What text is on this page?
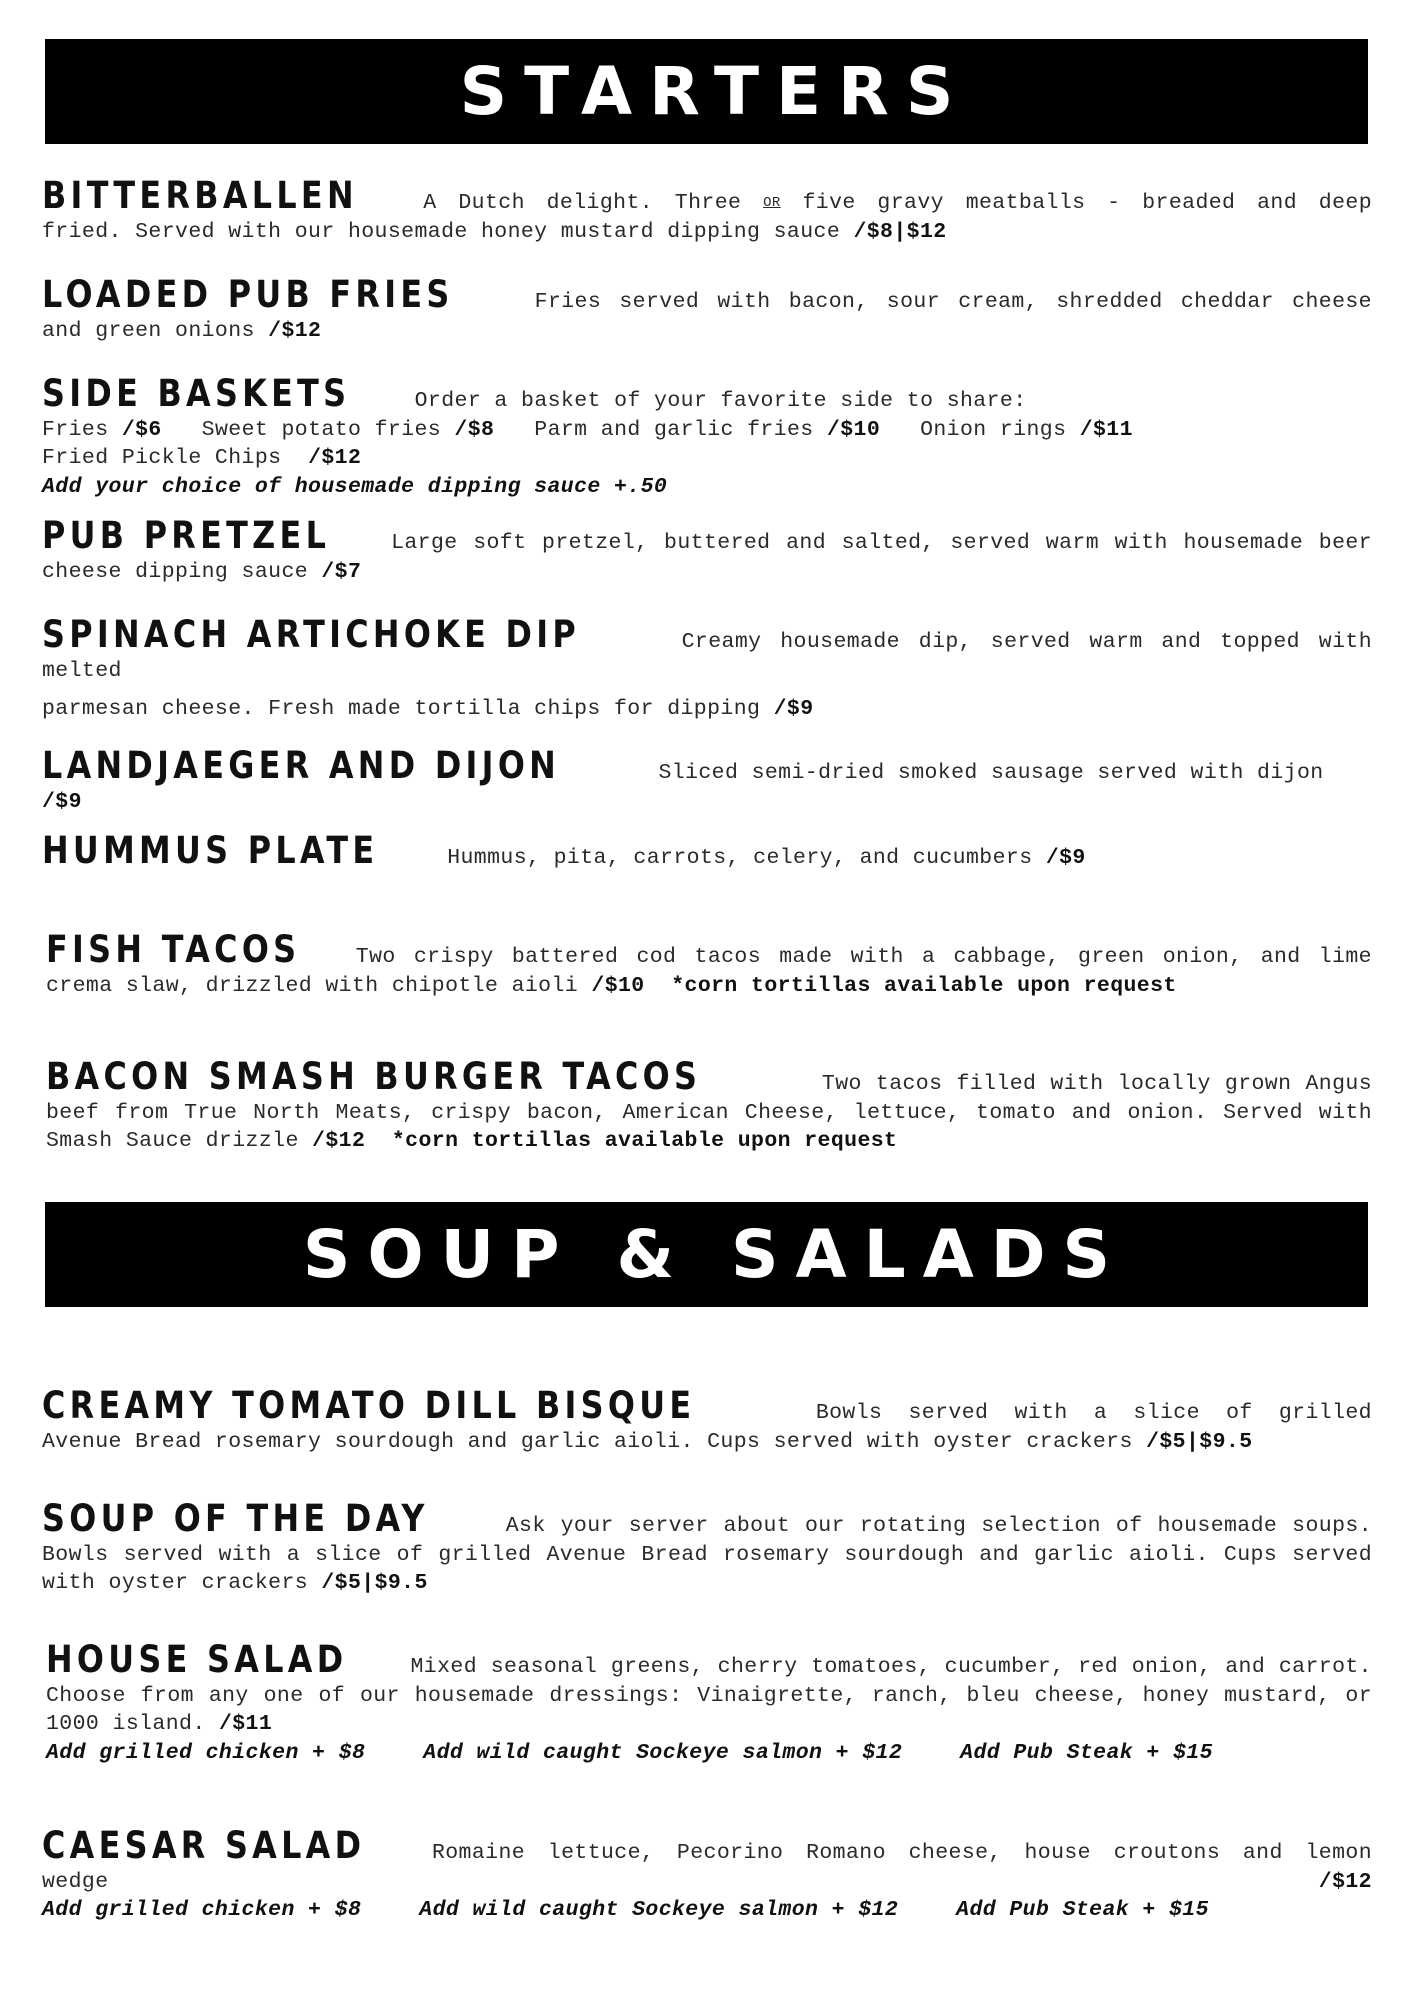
STARTERS
BITTERBALLEN	A Dutch delight. Three OR five gravy meatballs - breaded and deep fried. Served with our housemade honey mustard dipping sauce /$8|$12
LOADED PUB FRIES	Fries served with bacon, sour cream, shredded cheddar cheese and green onions /$12
SIDE BASKETS	Order a basket of your favorite side to share:
Fries /$6 Sweet potato fries /$8 Parm and garlic fries /$10 Onion rings /$11
Fried Pickle Chips  /$12
Add your choice of housemade dipping sauce +.50
PUB PRETZEL	Large soft pretzel, buttered and salted, served warm with housemade beer cheese dipping sauce /$7
SPINACH ARTICHOKE DIP	Creamy housemade dip, served warm and topped with melted
parmesan cheese. Fresh made tortilla chips for dipping /$9
LANDJAEGER AND DIJON	Sliced semi-dried smoked sausage served with dijon /$9
HUMMUS PLATE	Hummus, pita, carrots, celery, and cucumbers /$9
FISH TACOS	Two crispy battered cod tacos made with a cabbage, green onion, and lime crema slaw, drizzled with chipotle aioli /$10 *corn tortillas available upon request
BACON SMASH BURGER TACOS	Two tacos filled with locally grown Angus beef from True North Meats, crispy bacon, American Cheese, lettuce, tomato and onion. Served with Smash Sauce drizzle /$12 *corn tortillas available upon request
SOUP & SALADS
CREAMY TOMATO DILL BISQUE	Bowls served with a slice of grilled Avenue Bread rosemary sourdough and garlic aioli. Cups served with oyster crackers /$5|$9.5
SOUP OF THE DAY	Ask your server about our rotating selection of housemade soups. Bowls served with a slice of grilled Avenue Bread rosemary sourdough and garlic aioli. Cups served with oyster crackers /$5|$9.5
HOUSE SALAD	Mixed seasonal greens, cherry tomatoes, cucumber, red onion, and carrot. Choose from any one of our housemade dressings: Vinaigrette, ranch, bleu cheese, honey mustard, or 1000 island. /$11
Add grilled chicken + $8	Add wild caught Sockeye salmon + $12	Add Pub Steak + $15
CAESAR SALAD	Romaine lettuce, Pecorino Romano cheese, house croutons and lemon wedge /$12
Add grilled chicken + $8	Add wild caught Sockeye salmon + $12	Add Pub Steak + $15
